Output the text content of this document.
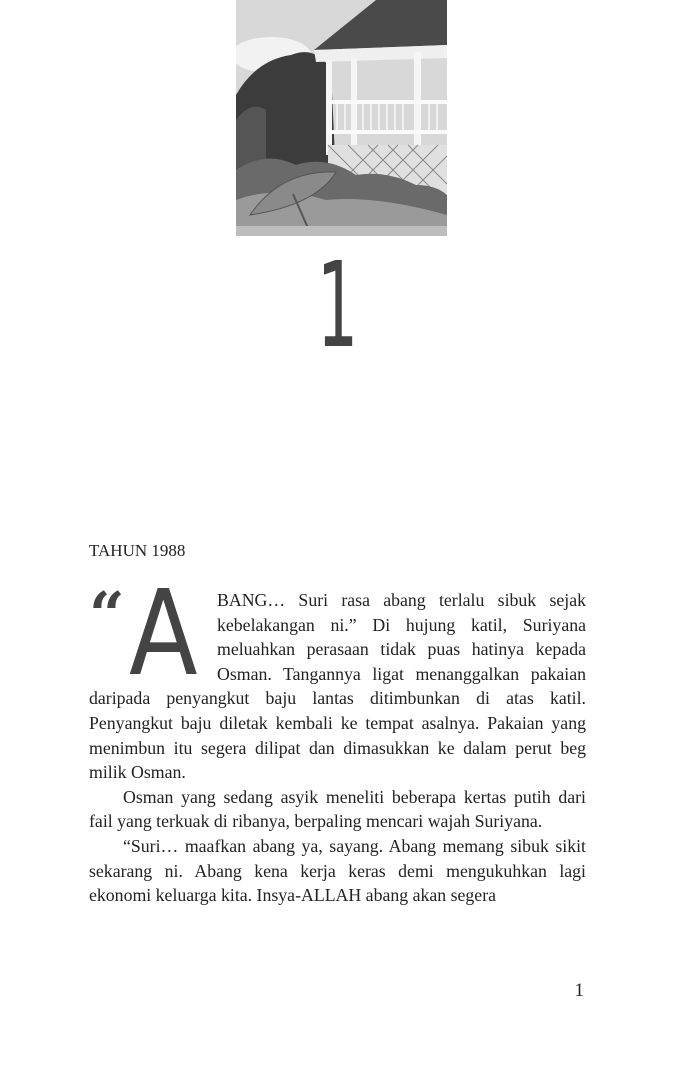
1
TAHUN 1988

“ A BANG… Suri rasa abang terlalu sibuk sejak kebelakangan ni.” Di hujung katil, Suriyana meluahkan perasaan tidak puas hatinya kepada Osman. Tangannya ligat menanggalkan pakaian daripada penyangkut baju lantas ditimbunkan di atas katil. Penyangkut baju diletak kembali ke tempat asalnya. Pakaian yang menimbun itu segera dilipat dan dimasukkan ke dalam perut beg milik Osman.

Osman yang sedang asyik meneliti beberapa kertas putih dari fail yang terkuak di ribanya, berpaling mencari wajah Suriyana.

“Suri… maafkan abang ya, sayang. Abang memang sibuk sikit sekarang ni. Abang kena kerja keras demi mengukuhkan lagi ekonomi keluarga kita. Insya-ALLAH abang akan segera

1
